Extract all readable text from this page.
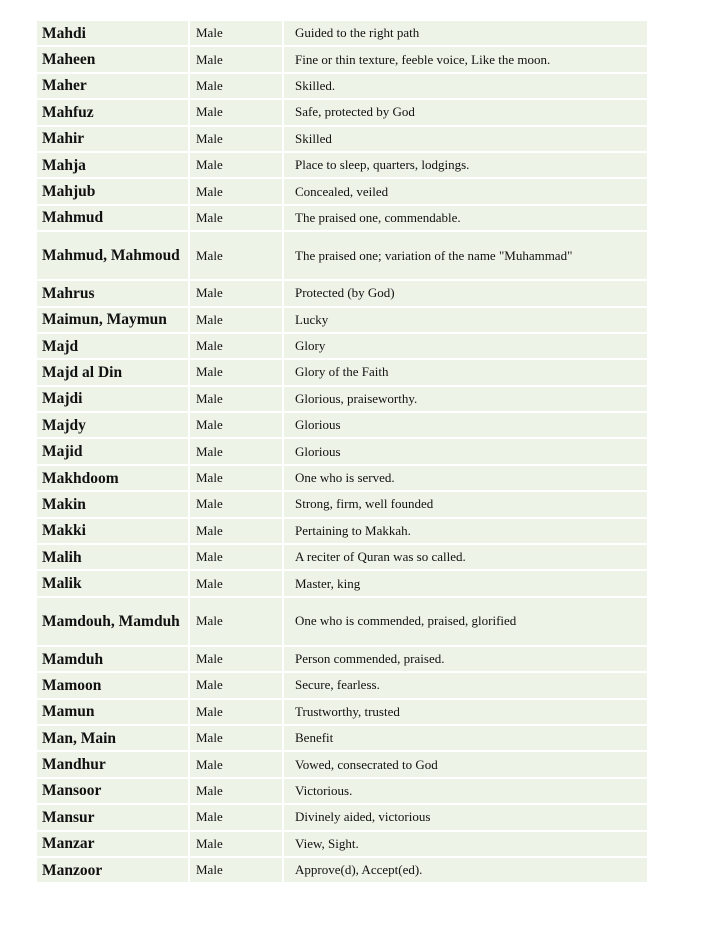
Mahdi	Male	Guided to the right path
Maheen	Male	Fine or thin texture, feeble voice, Like the moon.
Maher	Male	Skilled.
Mahfuz	Male	Safe, protected by God
Mahir	Male	Skilled
Mahja	Male	Place to sleep, quarters, lodgings.
Mahjub	Male	Concealed, veiled
Mahmud	Male	The praised one, commendable.
Mahmud, Mahmoud	Male	The praised one; variation of the name "Muhammad"
Mahrus	Male	Protected (by God)
Maimun, Maymun	Male	Lucky
Majd	Male	Glory
Majd al Din	Male	Glory of the Faith
Majdi	Male	Glorious, praiseworthy.
Majdy	Male	Glorious
Majid	Male	Glorious
Makhdoom	Male	One who is served.
Makin	Male	Strong, firm, well founded
Makki	Male	Pertaining to Makkah.
Malih	Male	A reciter of Quran was so called.
Malik	Male	Master, king
Mamdouh, Mamduh	Male	One who is commended, praised, glorified
Mamduh	Male	Person commended, praised.
Mamoon	Male	Secure, fearless.
Mamun	Male	Trustworthy, trusted
Man, Main	Male	Benefit
Mandhur	Male	Vowed, consecrated to God
Mansoor	Male	Victorious.
Mansur	Male	Divinely aided, victorious
Manzar	Male	View, Sight.
Manzoor	Male	Approve(d), Accept(ed).
